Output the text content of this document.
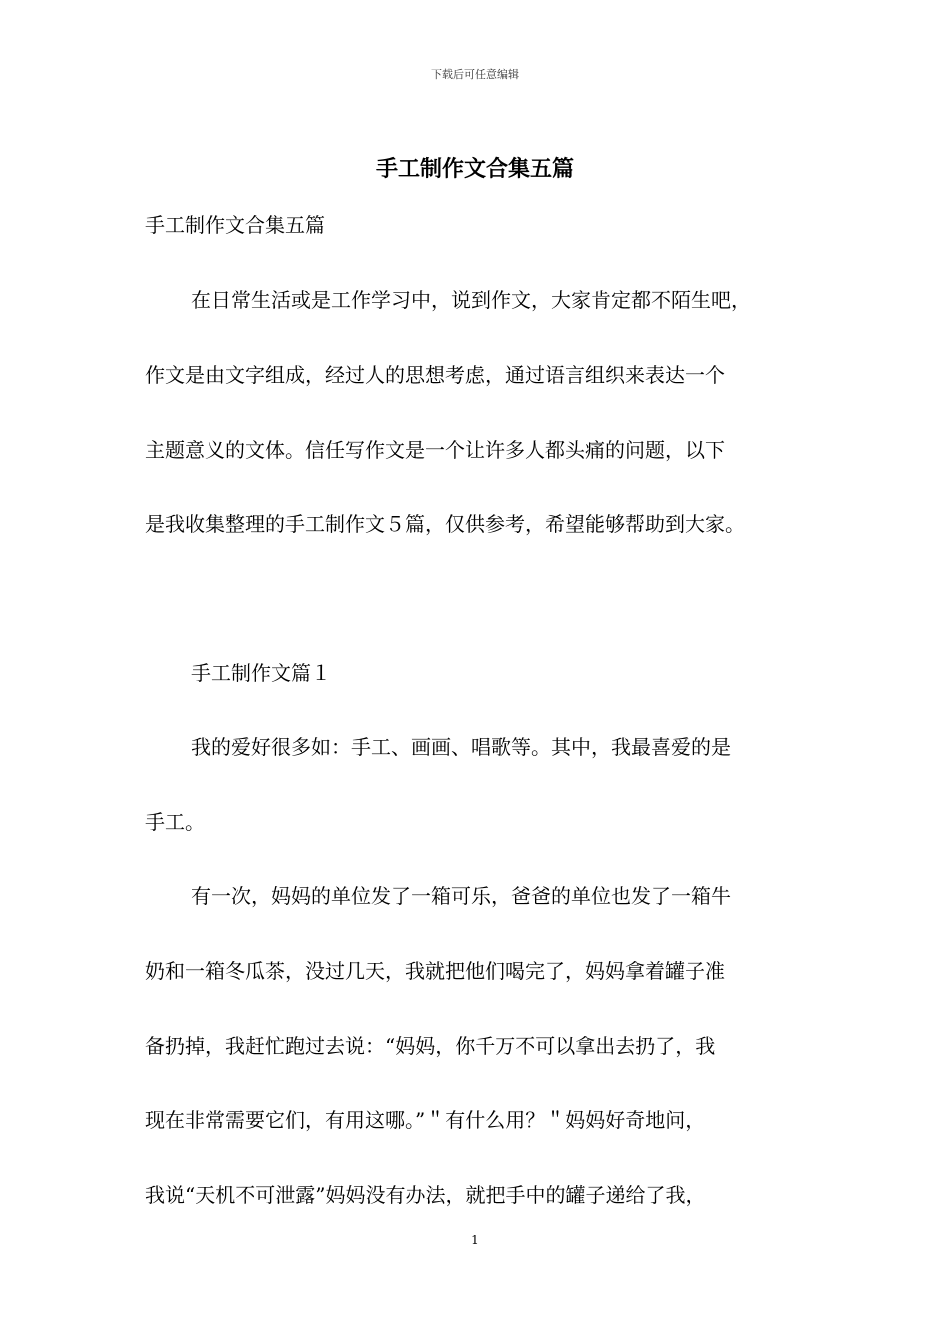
下载后可任意编辑
手工制作文合集五篇

手工制作文合集五篇

在日常生活或是工作学习中，说到作文，大家肯定都不陌生吧，

作文是由文字组成，经过人的思想考虑，通过语言组织来表达一个

主题意义的文体。信任写作文是一个让许多人都头痛的问题，以下

是我收集整理的手工制作文５篇，仅供参考，希望能够帮助到大家。

手工制作文篇１

我的爱好很多如：手工、画画、唱歌等。其中，我最喜爱的是

手工。

有一次，妈妈的单位发了一箱可乐，爸爸的单位也发了一箱牛

奶和一箱冬瓜茶，没过几天，我就把他们喝完了，妈妈拿着罐子准

备扔掉，我赶忙跑过去说：“妈妈，你千万不可以拿出去扔了，我

现在非常需要它们，有用这哪。”＂有什么用？＂妈妈好奇地问，

我说“天机不可泄露”妈妈没有办法，就把手中的罐子递给了我，

1
